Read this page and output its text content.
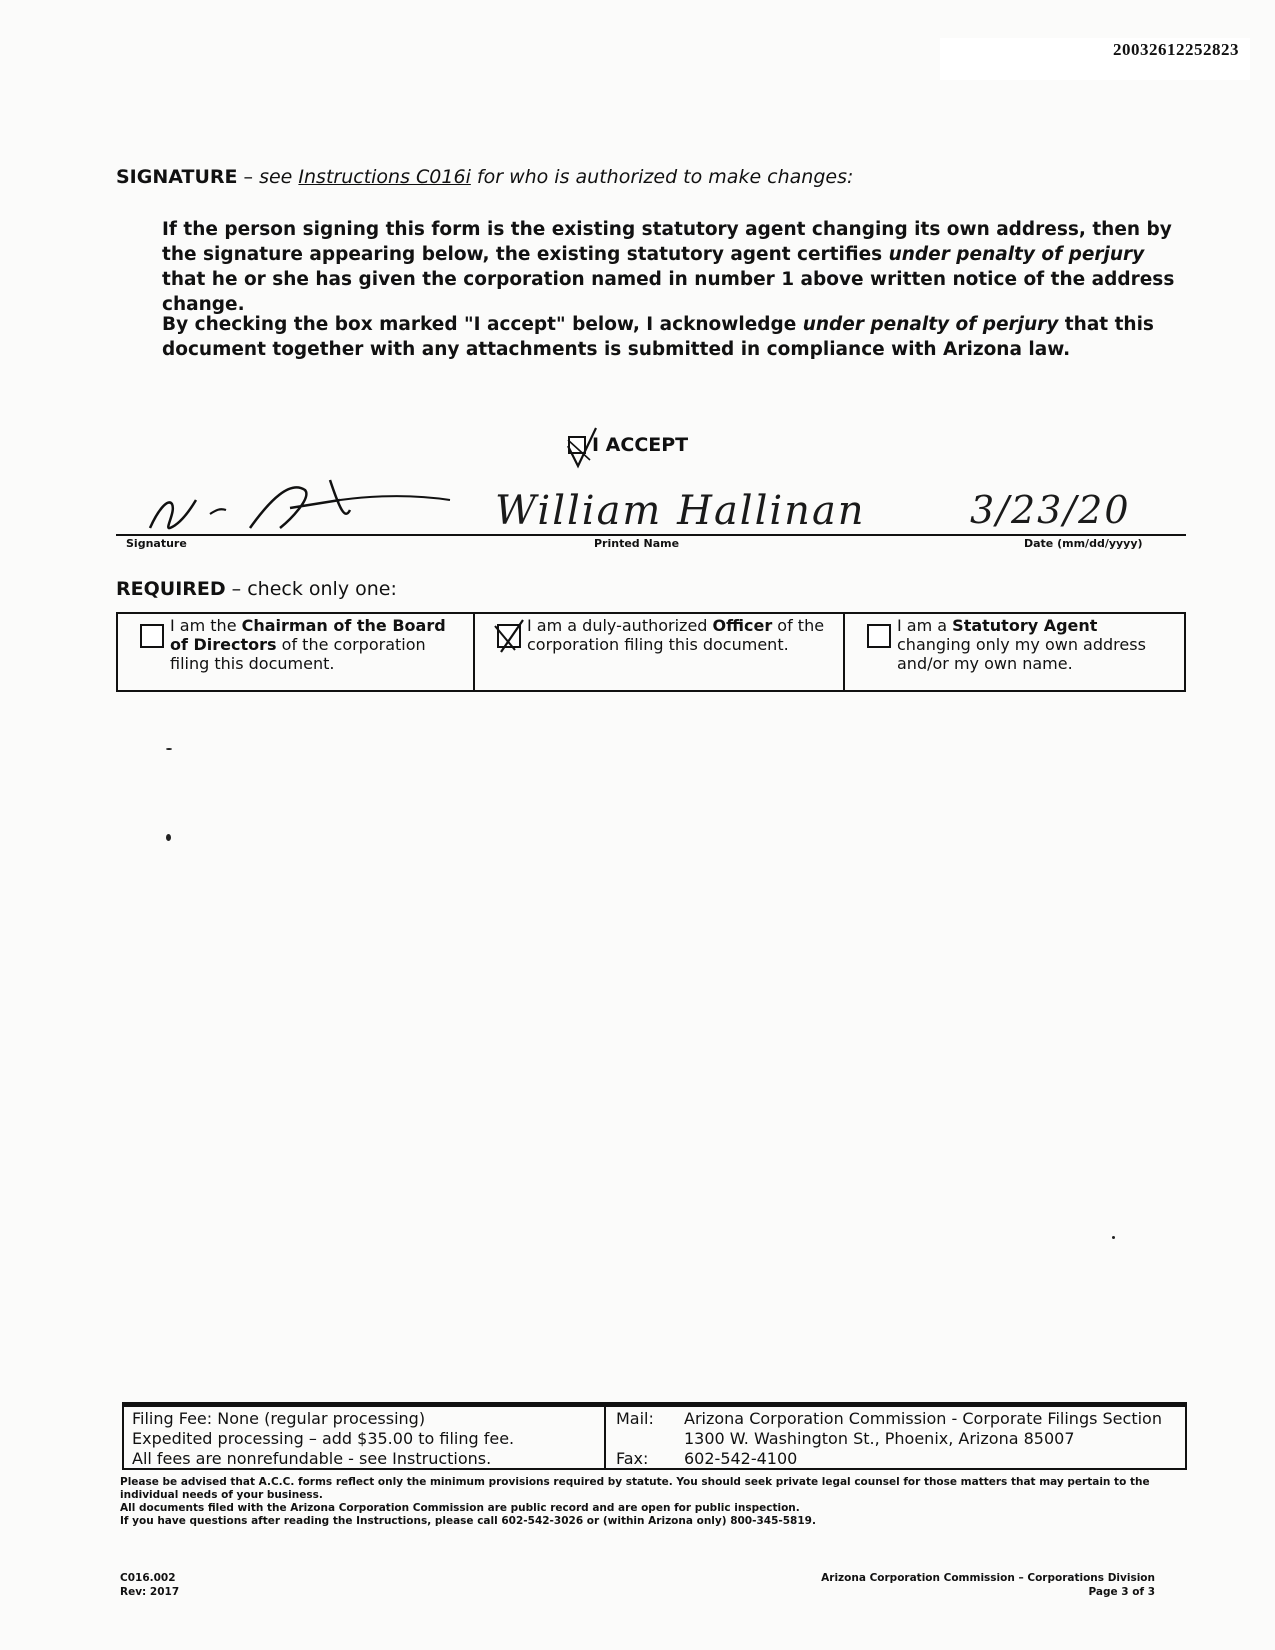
20032612252823
SIGNATURE – see Instructions C016i for who is authorized to make changes:
If the person signing this form is the existing statutory agent changing its own address, then by the signature appearing below, the existing statutory agent certifies under penalty of perjury that he or she has given the corporation named in number 1 above written notice of the address change.
By checking the box marked "I accept" below, I acknowledge under penalty of perjury that this document together with any attachments is submitted in compliance with Arizona law.
I ACCEPT
William Hallinan	3/23/20
Signature	Printed Name	Date (mm/dd/yyyy)
REQUIRED – check only one:
I am the Chairman of the Board of Directors of the corporation filing this document.
I am a duly-authorized Officer of the corporation filing this document.
I am a Statutory Agent changing only my own address and/or my own name.
Filing Fee: None (regular processing)
Expedited processing – add $35.00 to filing fee.
All fees are nonrefundable - see Instructions.
Mail:	Arizona Corporation Commission - Corporate Filings Section
1300 W. Washington St., Phoenix, Arizona 85007
Fax:	602-542-4100
Please be advised that A.C.C. forms reflect only the minimum provisions required by statute. You should seek private legal counsel for those matters that may pertain to the individual needs of your business.
All documents filed with the Arizona Corporation Commission are public record and are open for public inspection.
If you have questions after reading the Instructions, please call 602-542-3026 or (within Arizona only) 800-345-5819.
C016.002
Rev: 2017
Arizona Corporation Commission – Corporations Division
Page 3 of 3
